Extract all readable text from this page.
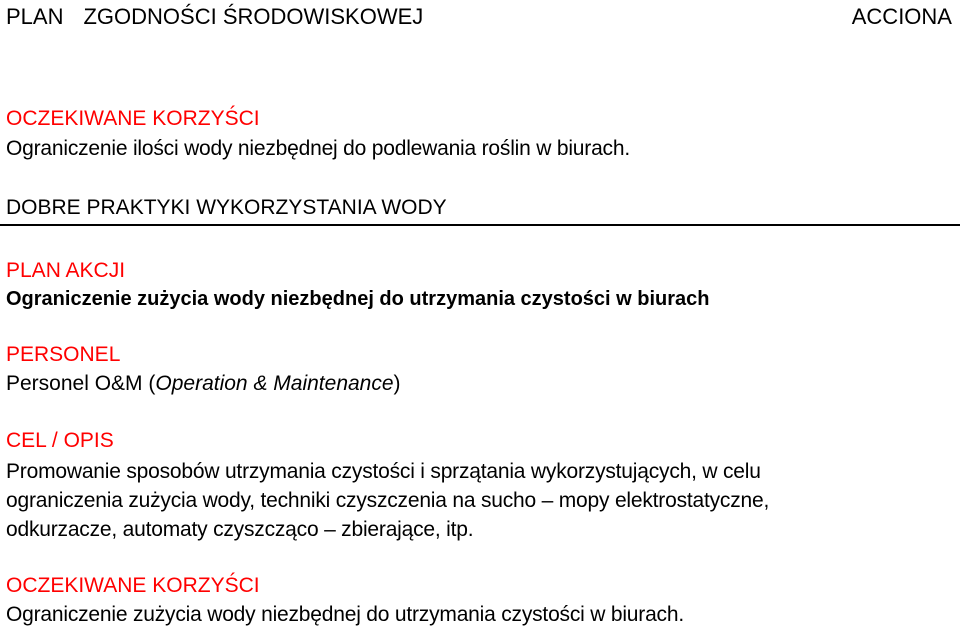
PLAN ZGODNOŚCI ŚRODOWISKOWEJ	ACCIONA
OCZEKIWANE KORZYŚCI
Ograniczenie ilości wody niezbędnej do podlewania roślin w biurach.
DOBRE PRAKTYKI WYKORZYSTANIA WODY
PLAN AKCJI
Ograniczenie zużycia wody niezbędnej do utrzymania czystości w biurach
PERSONEL
Personel O&M (Operation & Maintenance)
CEL / OPIS
Promowanie sposobów utrzymania czystości i sprzątania wykorzystujących, w celu
ograniczenia zużycia wody, techniki czyszczenia na sucho – mopy elektrostatyczne,
odkurzacze, automaty czyszcząco – zbierające, itp.
OCZEKIWANE KORZYŚCI
Ograniczenie zużycia wody niezbędnej do utrzymania czystości w biurach.
